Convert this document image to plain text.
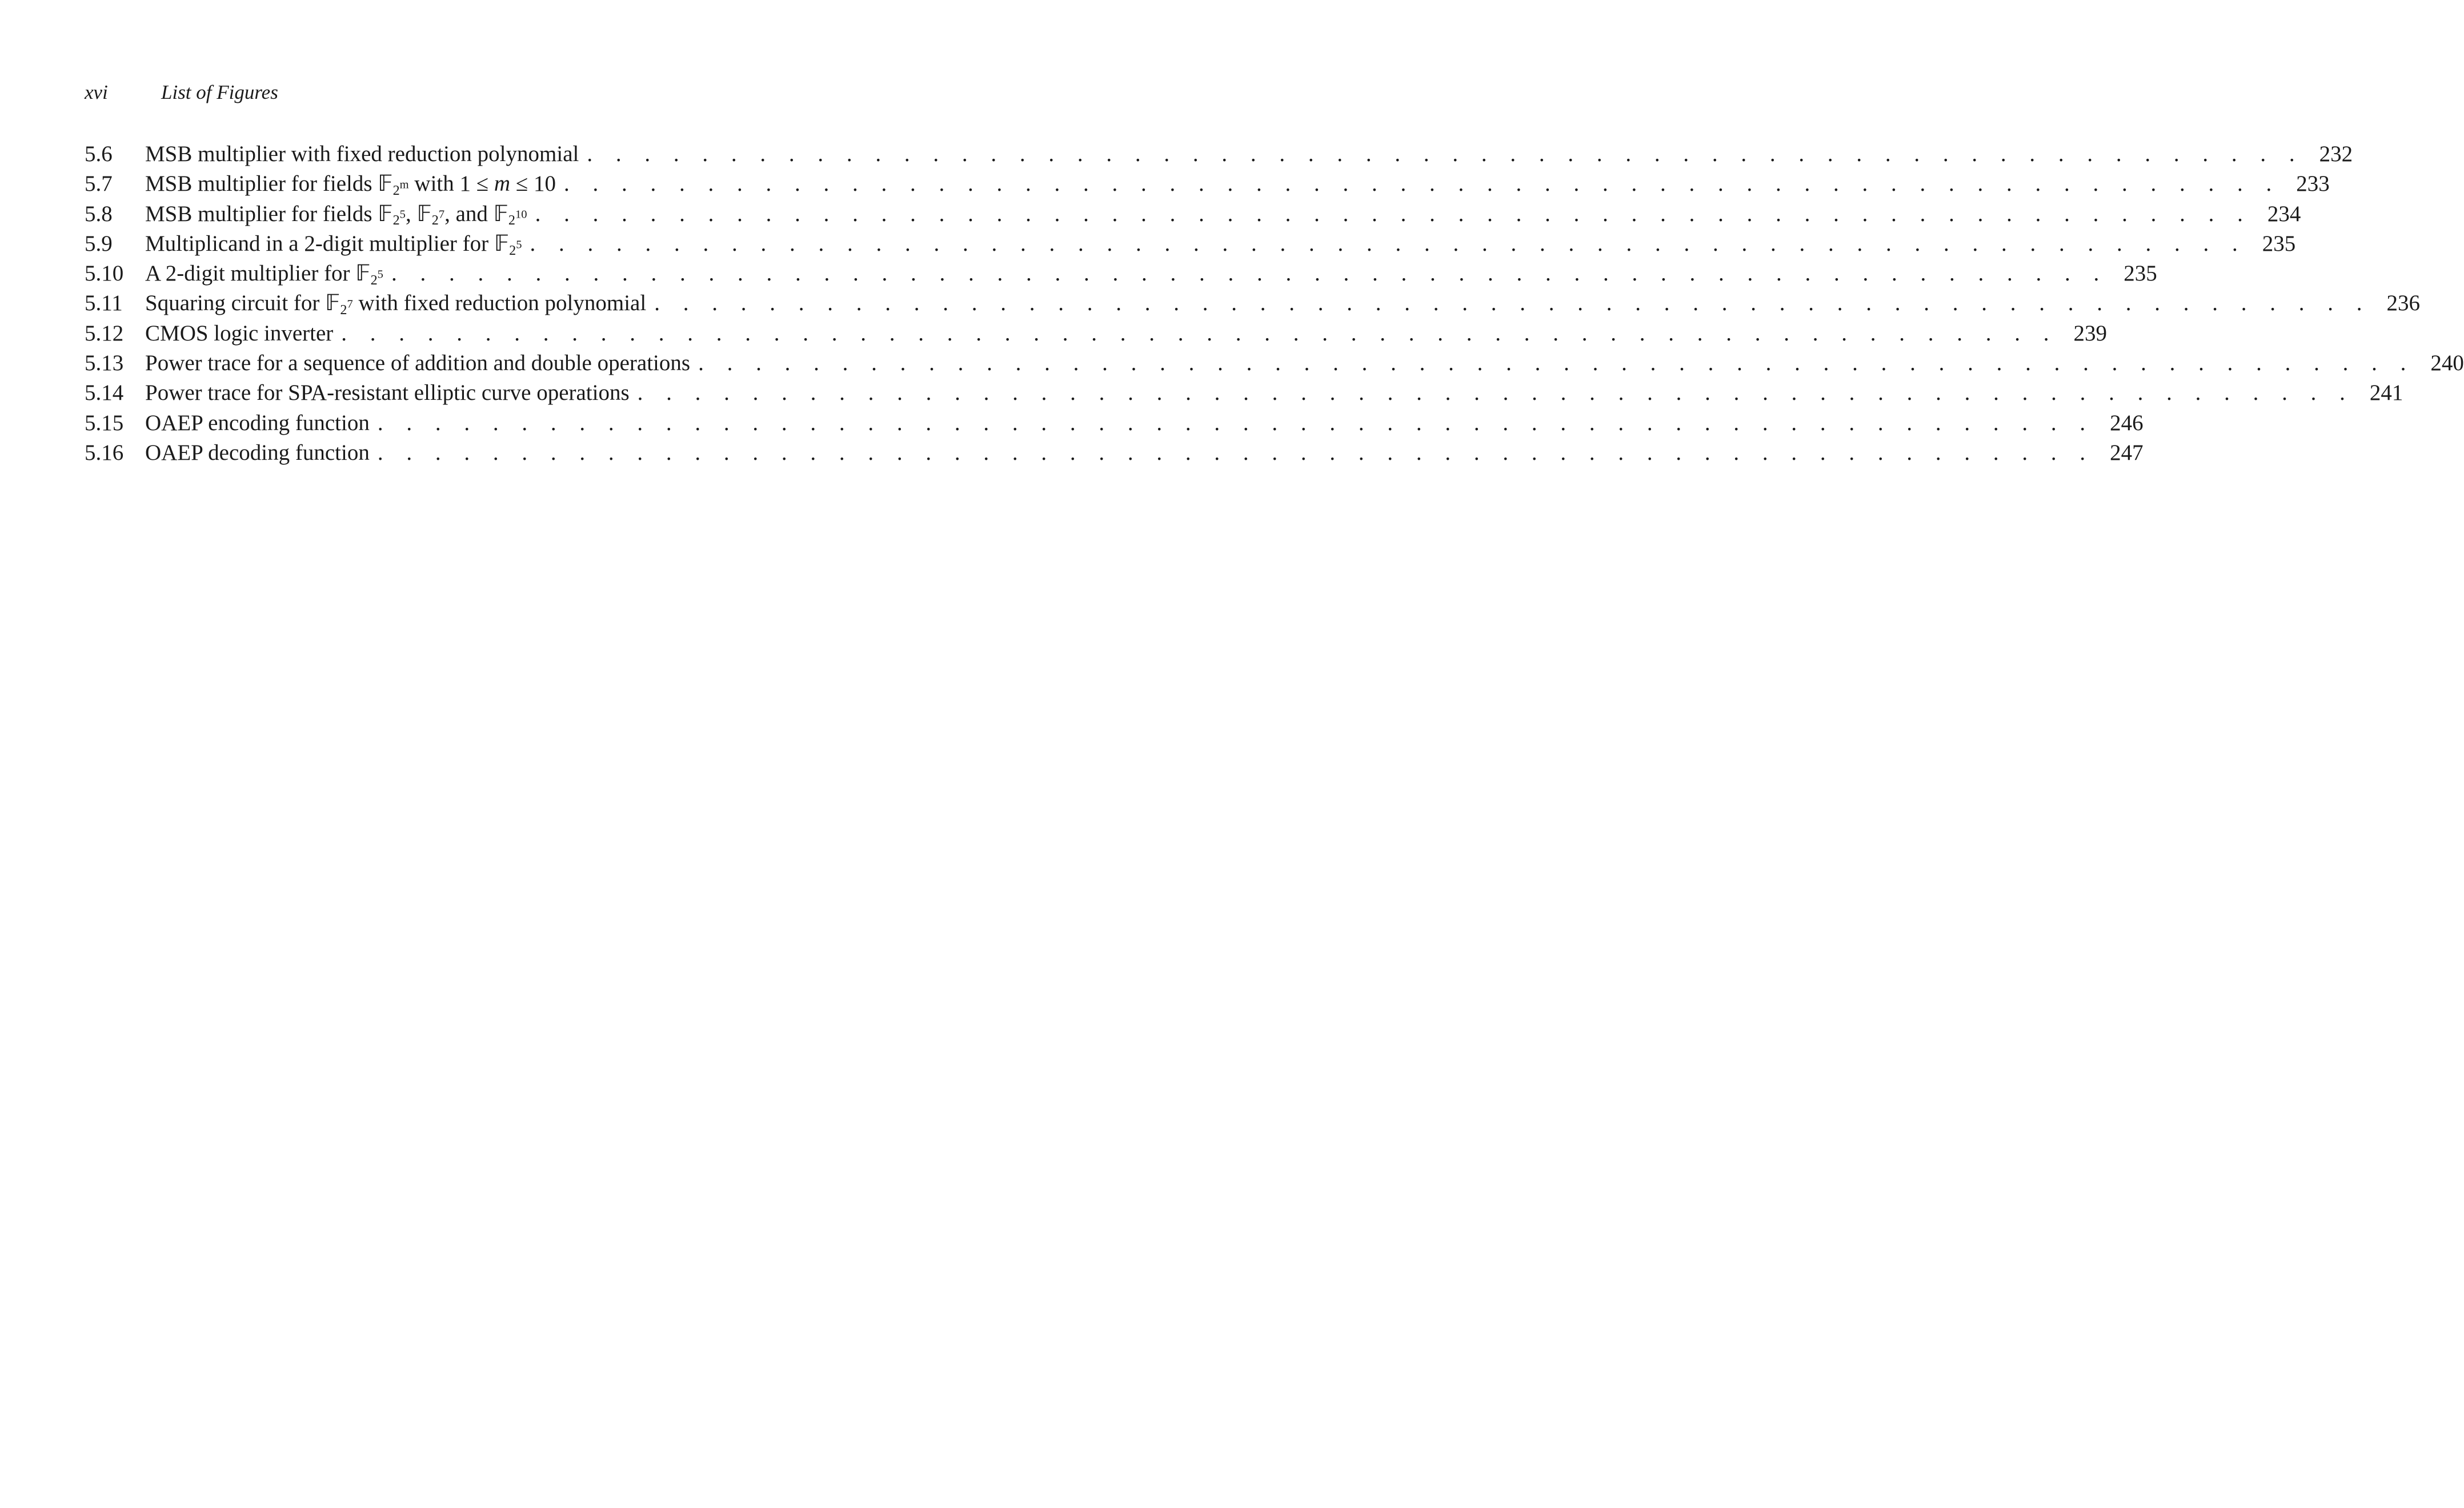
xvi	List of Figures
5.6	MSB multiplier with fixed reduction polynomial . . . . . . . . . . . . . . . . . . . . . . . . . . . . . . . . . . . . . . . . . . . . . . . . . . . . . . . . . . . . 232
5.7	MSB multiplier for fields 𝔽$_{2^m}$ with 1 ≤ m ≤ 10 . . . . . . . . . . . . . . . . . . . . . . . . . . . . . . . . . . . . . . . . . . . . . . . . . . . . . . . . . . . . 233
5.8	MSB multiplier for fields 𝔽$_{2^5}$, 𝔽$_{2^7}$, and 𝔽$_{2^{10}}$ . . . . . . . . . . . . . . . . . . . . . . . . . . . . . . . . . . . . . . . . . . . . . . . . . . . . . . . . . . . . 234
5.9	Multiplicand in a 2-digit multiplier for 𝔽$_{2^5}$ . . . . . . . . . . . . . . . . . . . . . . . . . . . . . . . . . . . . . . . . . . . . . . . . . . . . . . . . . . . . 235
5.10 A 2-digit multiplier for 𝔽$_{2^5}$ . . . . . . . . . . . . . . . . . . . . . . . . . . . . . . . . . . . . . . . . . . . . . . . . . . . . . . . . . . . . 235
5.11	Squaring circuit for 𝔽$_{2^7}$ with fixed reduction polynomial . . . . . . . . . . . . . . . . . . . . . . . . . . . . . . . . . . . . . . . . . . . . . . . . . . . . . . . . . . . . 236
5.12 CMOS logic inverter . . . . . . . . . . . . . . . . . . . . . . . . . . . . . . . . . . . . . . . . . . . . . . . . . . . . . . . . . . . . 239
5.13 Power trace for a sequence of addition and double operations . . . . . . . . . . . . . . . . . . . . . . . . . . . . . . . . . . . . . . . . . . . . . . . . . . . . . . . . . . . . 240
5.14 Power trace for SPA-resistant elliptic curve operations . . . . . . . . . . . . . . . . . . . . . . . . . . . . . . . . . . . . . . . . . . . . . . . . . . . . . . . . . . . . 241
5.15 OAEP encoding function . . . . . . . . . . . . . . . . . . . . . . . . . . . . . . . . . . . . . . . . . . . . . . . . . . . . . . . . . . . . 246
5.16 OAEP decoding function . . . . . . . . . . . . . . . . . . . . . . . . . . . . . . . . . . . . . . . . . . . . . . . . . . . . . . . . . . . . 247
